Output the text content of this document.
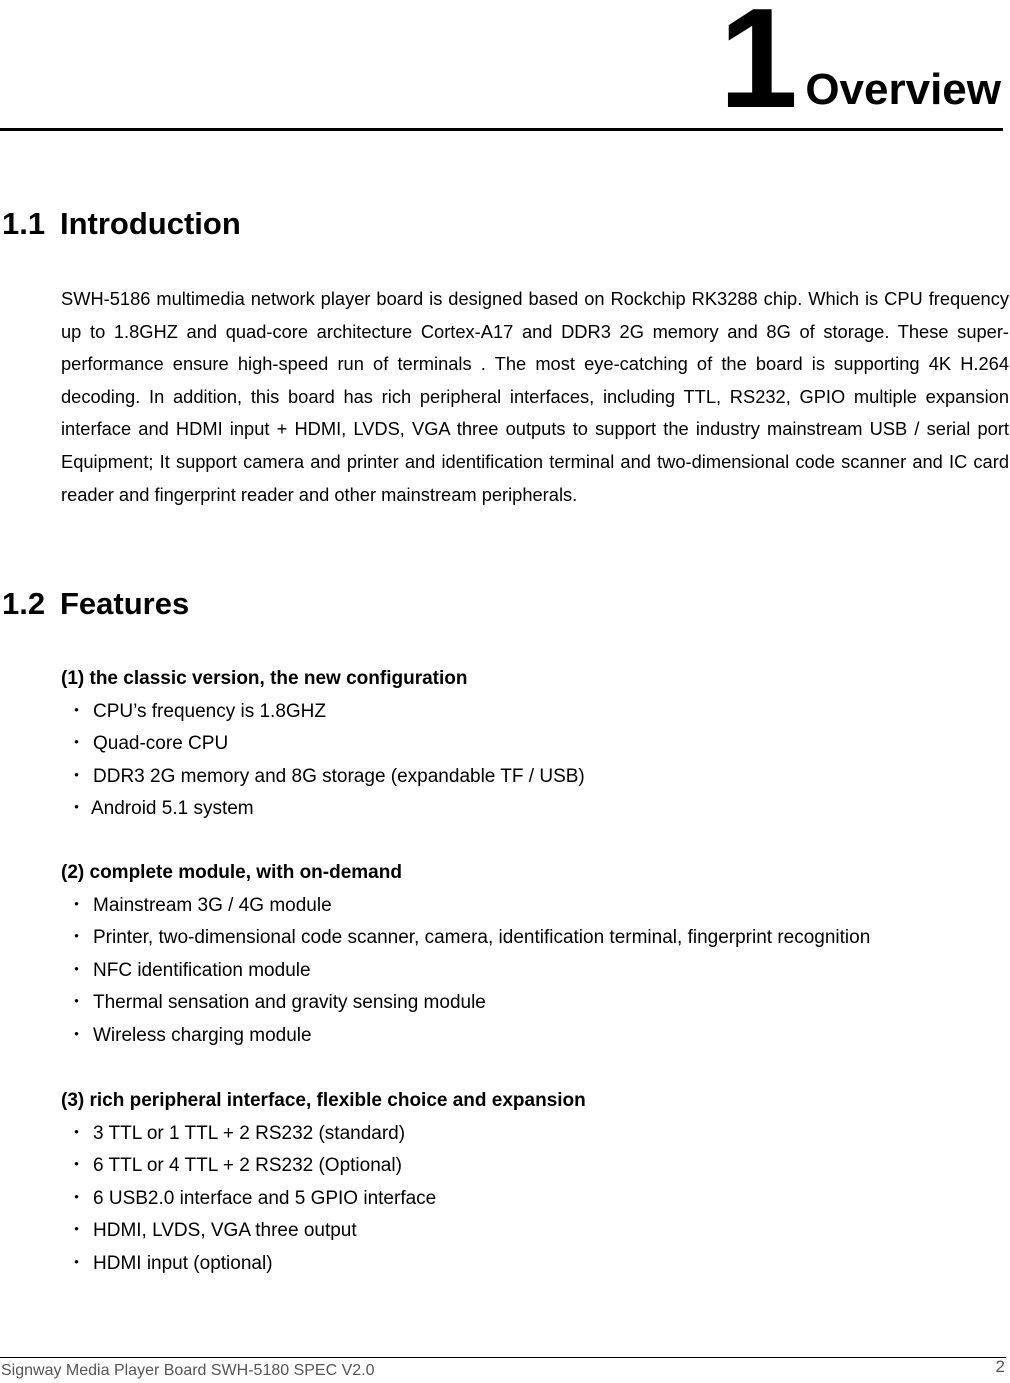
1 Overview
1.1 Introduction

SWH-5186 multimedia network player board is designed based on Rockchip RK3288 chip. Which is CPU frequency up to 1.8GHZ and quad-core architecture Cortex-A17 and DDR3 2G memory and 8G of storage. These super-performance ensure high-speed run of terminals . The most eye-catching of the board is supporting 4K H.264 decoding. In addition, this board has rich peripheral interfaces, including TTL, RS232, GPIO multiple expansion interface and HDMI input + HDMI, LVDS, VGA three outputs to support the industry mainstream USB / serial port Equipment; It support camera and printer and identification terminal and two-dimensional code scanner and IC card reader and fingerprint reader and other mainstream peripherals.

1.2 Features
(1) the classic version, the new configuration
・ CPU’s frequency is 1.8GHZ
・ Quad-core CPU
・ DDR3 2G memory and 8G storage (expandable TF / USB)
・ Android 5.1 system
(2) complete module, with on-demand
・ Mainstream 3G / 4G module
・ Printer, two-dimensional code scanner, camera, identification terminal, fingerprint recognition
・ NFC identification module
・ Thermal sensation and gravity sensing module
・ Wireless charging module
(3) rich peripheral interface, flexible choice and expansion
・ 3 TTL or 1 TTL + 2 RS232 (standard)
・ 6 TTL or 4 TTL + 2 RS232 (Optional)
・ 6 USB2.0 interface and 5 GPIO interface
・ HDMI, LVDS, VGA three output
・ HDMI input (optional)
Signway Media Player Board SWH-5180 SPEC V2.0	2
